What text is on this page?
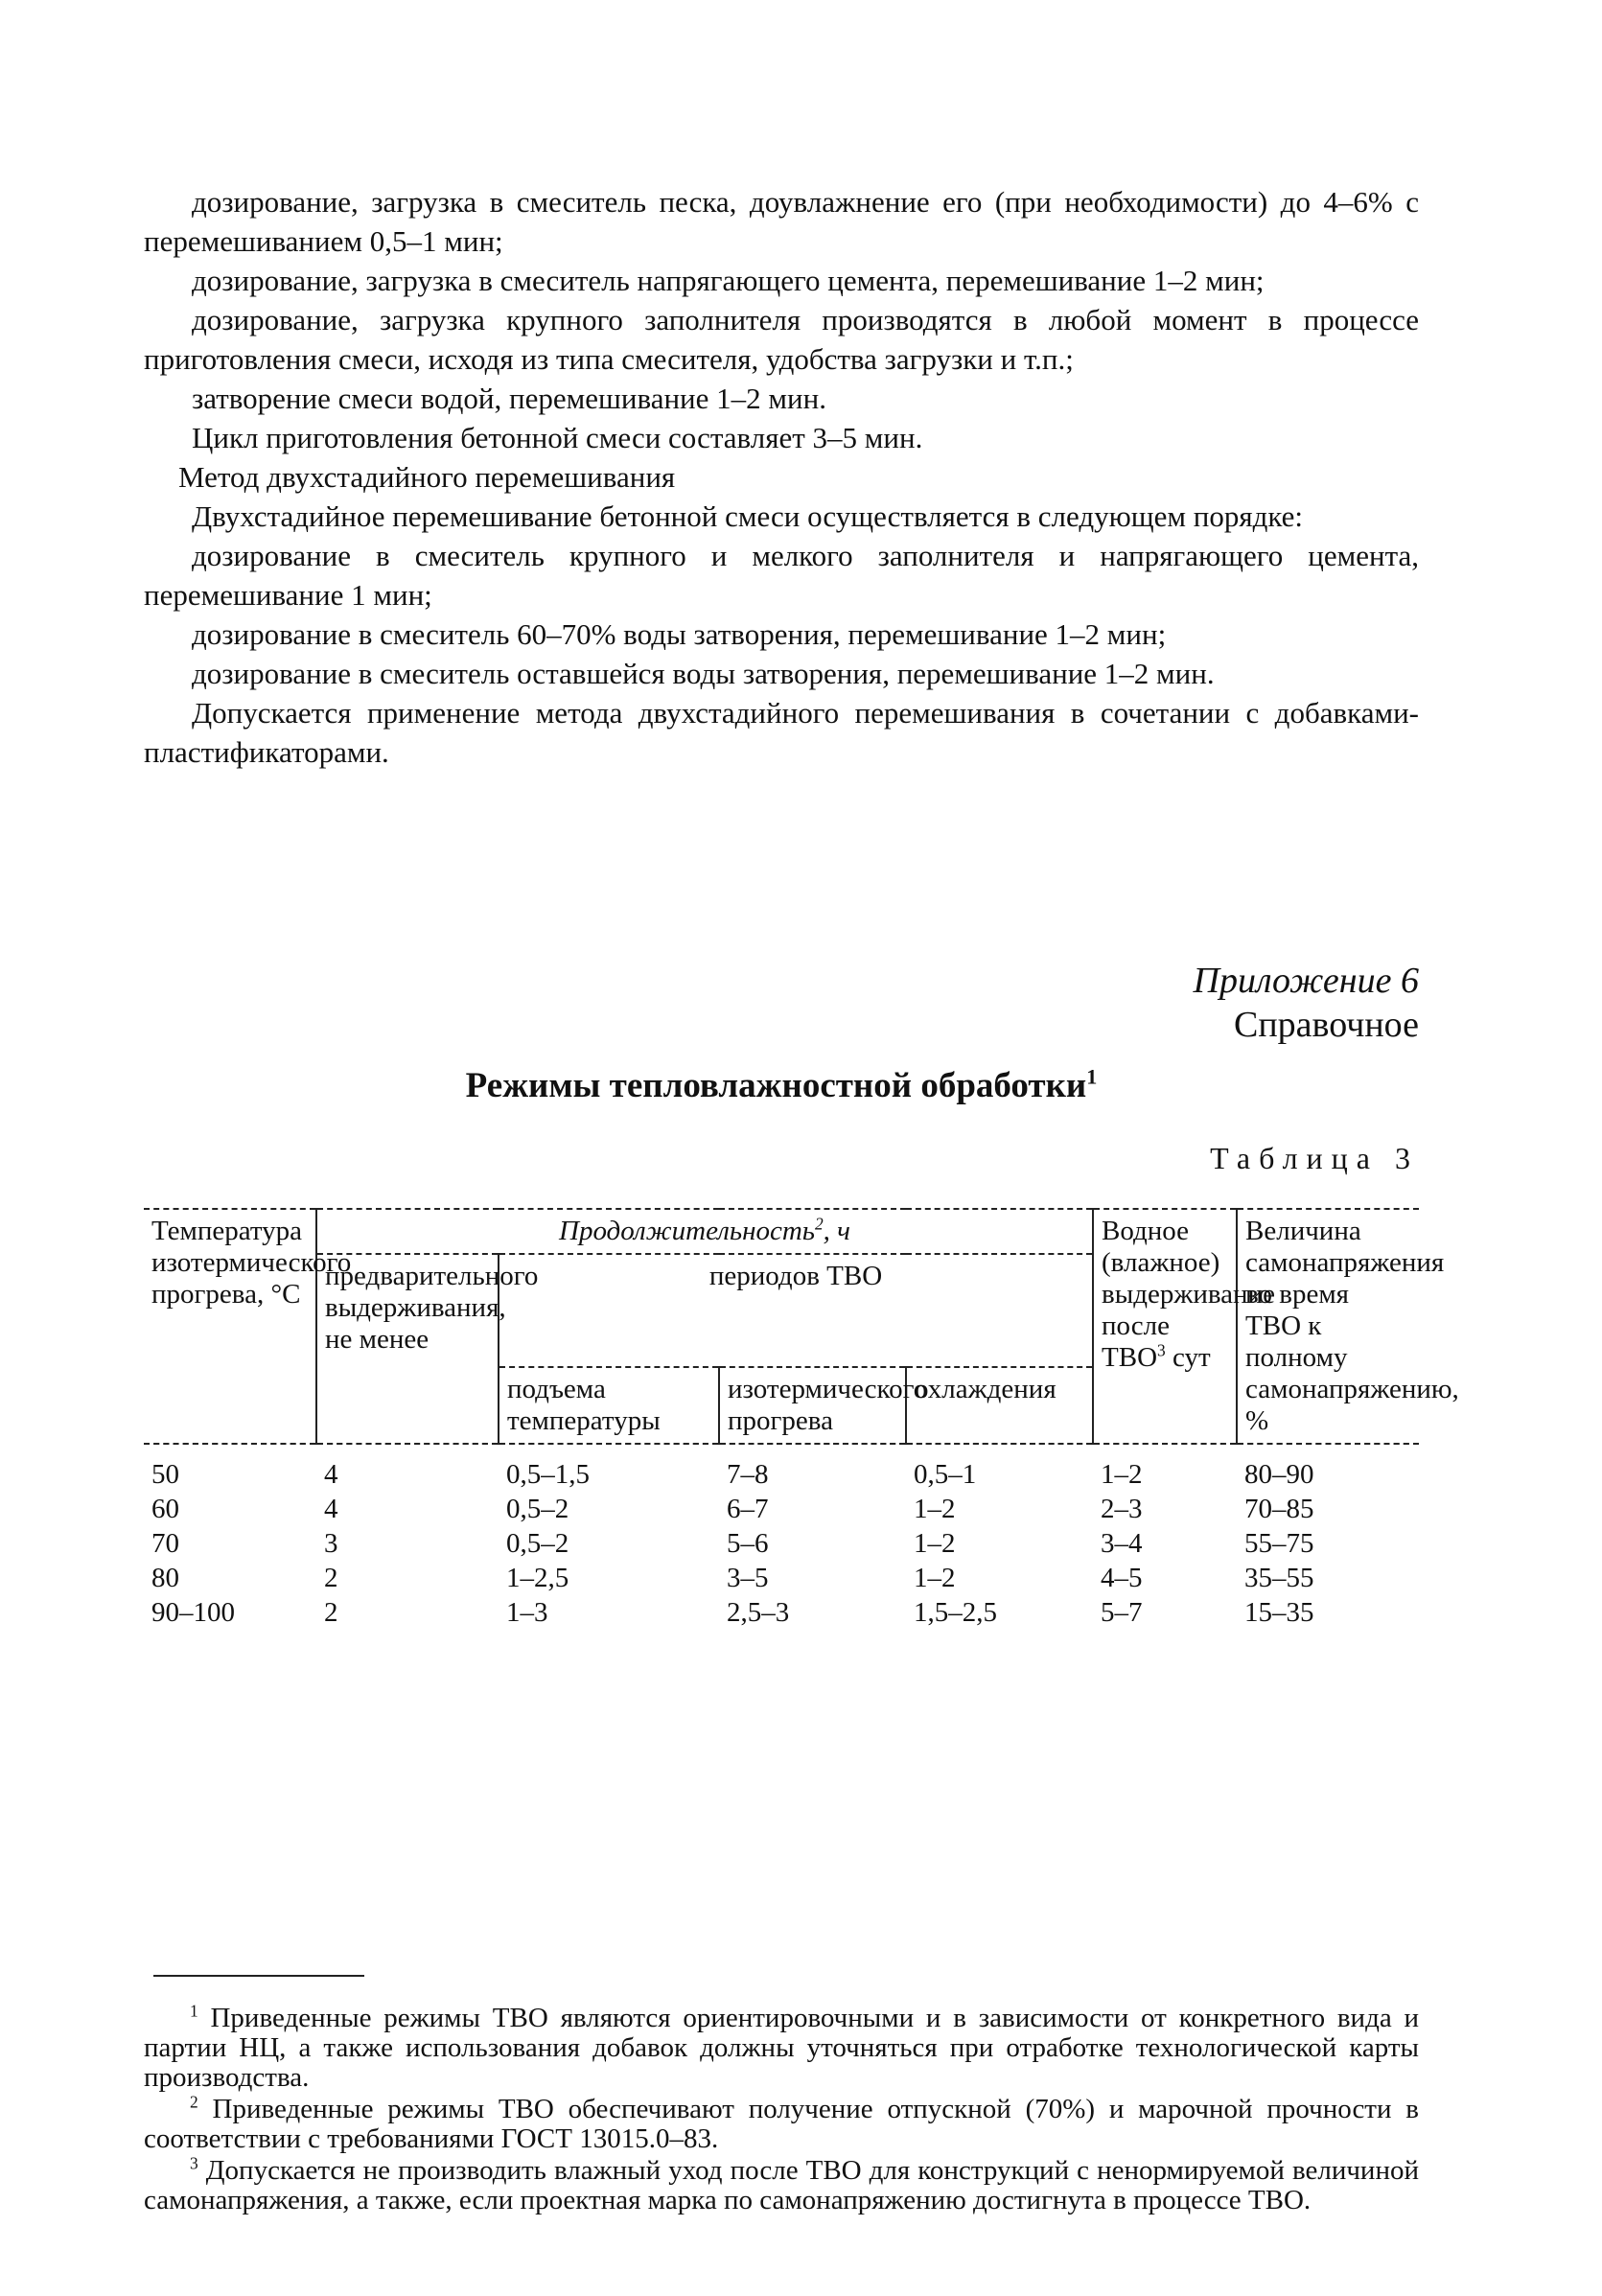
дозирование, загрузка в смеситель песка, доувлажнение его (при необходимости) до 4–6% с перемешиванием 0,5–1 мин;

дозирование, загрузка в смеситель напрягающего цемента, перемешивание 1–2 мин;

дозирование, загрузка крупного заполнителя производятся в любой момент в процессе приготовления смеси, исходя из типа смесителя, удобства загрузки и т.п.;

затворение смеси водой, перемешивание 1–2 мин.

Цикл приготовления бетонной смеси составляет 3–5 мин.

Метод двухстадийного перемешивания

Двухстадийное перемешивание бетонной смеси осуществляется в следующем порядке:

дозирование в смеситель крупного и мелкого заполнителя и напрягающего цемента, перемешивание 1 мин;

дозирование в смеситель 60–70% воды затворения, перемешивание 1–2 мин;

дозирование в смеситель оставшейся воды затворения, перемешивание 1–2 мин.

Допускается применение метода двухстадийного перемешивания в сочетании с добавками-пластификаторами.

Приложение 6
Справочное
Режимы тепловлажностной обработки$^1$
Таблица 3
Температура изотермического прогрева, °С	Продолжительность$^2$, ч				Водное (влажное) выдерживание после ТВО$^3$ сут	Величина самонапряжения во время ТВО к полному самонапряжению, %
	предварительного выдерживания, не менее	периодов ТВО				
		подъема температуры	изотермического прогрева	охлаждения		
50	4	0,5–1,5	7–8	0,5–1	1–2	80–90
60	4	0,5–2	6–7	1–2	2–3	70–85
70	3	0,5–2	5–6	1–2	3–4	55–75
80	2	1–2,5	3–5	1–2	4–5	35–55
90–100	2	1–3	2,5–3	1,5–2,5	5–7	15–35

$^1$ Приведенные режимы ТВО являются ориентировочными и в зависимости от конкретного вида и партии НЦ, а также использования добавок должны уточняться при отработке технологической карты производства.

$^2$ Приведенные режимы ТВО обеспечивают получение отпускной (70%) и марочной прочности в соответствии с требованиями ГОСТ 13015.0–83.

$^3$ Допускается не производить влажный уход после ТВО для конструкций с ненормируемой величиной самонапряжения, а также, если проектная марка по самонапряжению достигнута в процессе ТВО.
